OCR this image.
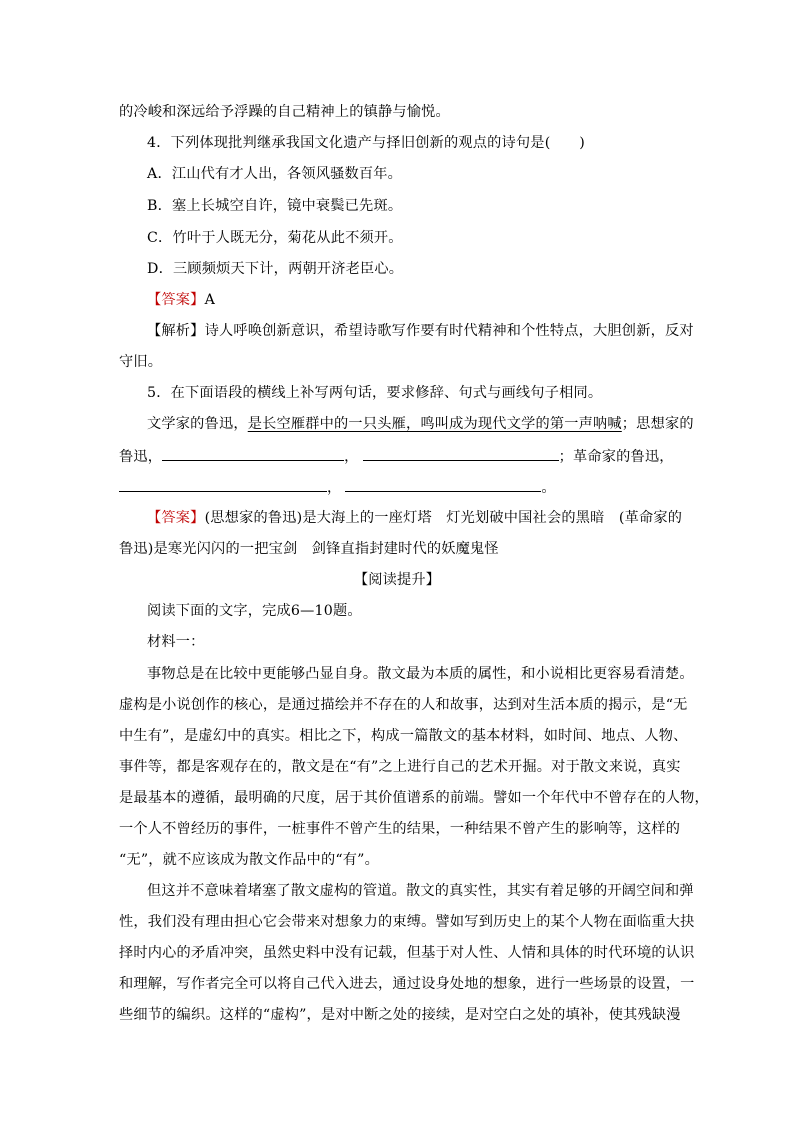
的冷峻和深远给予浮躁的自己精神上的镇静与愉悦。
4．下列体现批判继承我国文化遗产与择旧创新的观点的诗句是(　　)
A．江山代有才人出，各领风骚数百年。
B．塞上长城空自许，镜中衰鬓已先斑。
C．竹叶于人既无分，菊花从此不须开。
D．三顾频烦天下计，两朝开济老臣心。
【答案】A
【解析】诗人呼唤创新意识，希望诗歌写作要有时代精神和个性特点，大胆创新，反对
守旧。
5．在下面语段的横线上补写两句话，要求修辞、句式与画线句子相同。
文学家的鲁迅，是长空雁群中的一只头雁，鸣叫成为现代文学的第一声呐喊；思想家的
鲁迅，	，	；革命家的鲁迅，
，	。
【答案】(思想家的鲁迅)是大海上的一座灯塔　灯光划破中国社会的黑暗　(革命家的
鲁迅)是寒光闪闪的一把宝剑　剑锋直指封建时代的妖魔鬼怪
【阅读提升】
阅读下面的文字，完成6—10题。
材料一：
事物总是在比较中更能够凸显自身。散文最为本质的属性，和小说相比更容易看清楚。
虚构是小说创作的核心，是通过描绘并不存在的人和故事，达到对生活本质的揭示，是“无
中生有”，是虚幻中的真实。相比之下，构成一篇散文的基本材料，如时间、地点、人物、
事件等，都是客观存在的，散文是在“有”之上进行自己的艺术开掘。对于散文来说，真实
是最基本的遵循，最明确的尺度，居于其价值谱系的前端。譬如一个年代中不曾存在的人物，
一个人不曾经历的事件，一桩事件不曾产生的结果，一种结果不曾产生的影响等，这样的
“无”，就不应该成为散文作品中的“有”。
但这并不意味着堵塞了散文虚构的管道。散文的真实性，其实有着足够的开阔空间和弹
性，我们没有理由担心它会带来对想象力的束缚。譬如写到历史上的某个人物在面临重大抉
择时内心的矛盾冲突，虽然史料中没有记载，但基于对人性、人情和具体的时代环境的认识
和理解，写作者完全可以将自己代入进去，通过设身处地的想象，进行一些场景的设置，一
些细节的编织。这样的“虚构”，是对中断之处的接续，是对空白之处的填补，使其残缺漫
